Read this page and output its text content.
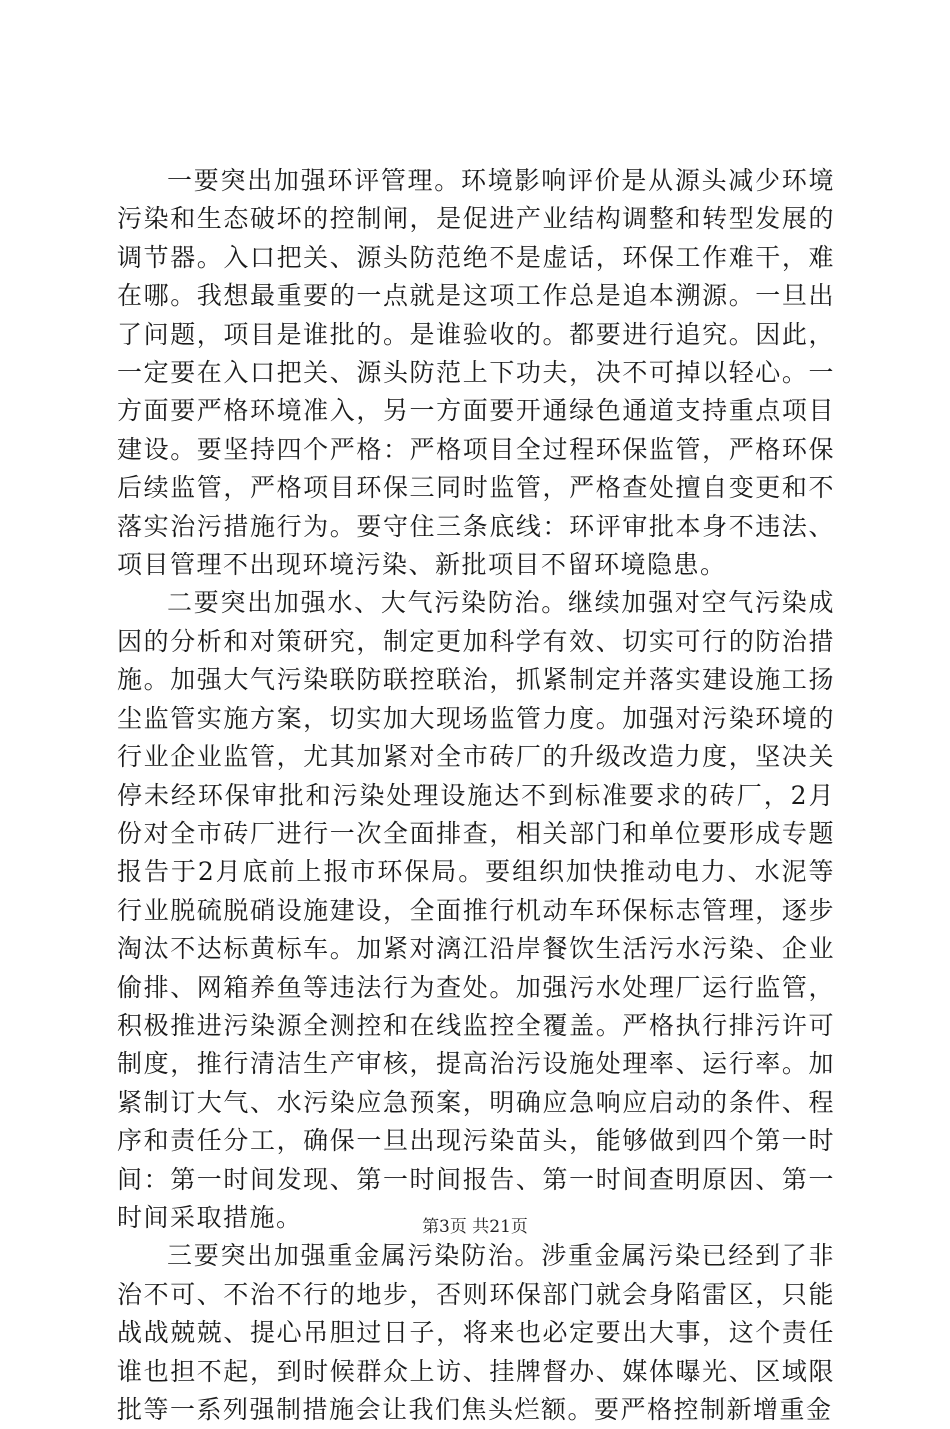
一要突出加强环评管理。环境影响评价是从源头减少环境污染和生态破坏的控制闸，是促进产业结构调整和转型发展的调节器。入口把关、源头防范绝不是虚话，环保工作难干，难在哪。我想最重要的一点就是这项工作总是追本溯源。一旦出了问题，项目是谁批的。是谁验收的。都要进行追究。因此，一定要在入口把关、源头防范上下功夫，决不可掉以轻心。一方面要严格环境准入，另一方面要开通绿色通道支持重点项目建设。要坚持四个严格：严格项目全过程环保监管，严格环保后续监管，严格项目环保三同时监管，严格查处擅自变更和不落实治污措施行为。要守住三条底线：环评审批本身不违法、项目管理不出现环境污染、新批项目不留环境隐患。

二要突出加强水、大气污染防治。继续加强对空气污染成因的分析和对策研究，制定更加科学有效、切实可行的防治措施。加强大气污染联防联控联治，抓紧制定并落实建设施工扬尘监管实施方案，切实加大现场监管力度。加强对污染环境的行业企业监管，尤其加紧对全市砖厂的升级改造力度，坚决关停未经环保审批和污染处理设施达不到标准要求的砖厂，2月份对全市砖厂进行一次全面排查，相关部门和单位要形成专题报告于2月底前上报市环保局。要组织加快推动电力、水泥等行业脱硫脱硝设施建设，全面推行机动车环保标志管理，逐步淘汰不达标黄标车。加紧对漓江沿岸餐饮生活污水污染、企业偷排、网箱养鱼等违法行为查处。加强污水处理厂运行监管，积极推进污染源全测控和在线监控全覆盖。严格执行排污许可制度，推行清洁生产审核，提高治污设施处理率、运行率。加紧制订大气、水污染应急预案，明确应急响应启动的条件、程序和责任分工，确保一旦出现污染苗头，能够做到四个第一时间：第一时间发现、第一时间报告、第一时间查明原因、第一时间采取措施。

三要突出加强重金属污染防治。涉重金属污染已经到了非治不可、不治不行的地步，否则环保部门就会身陷雷区，只能战战兢兢、提心吊胆过日子，将来也必定要出大事，这个责任谁也担不起，到时候群众上访、挂牌督办、媒体曝光、区域限批等一系列强制措施会让我们焦头烂额。要严格控制新增重金

第3页 共21页
